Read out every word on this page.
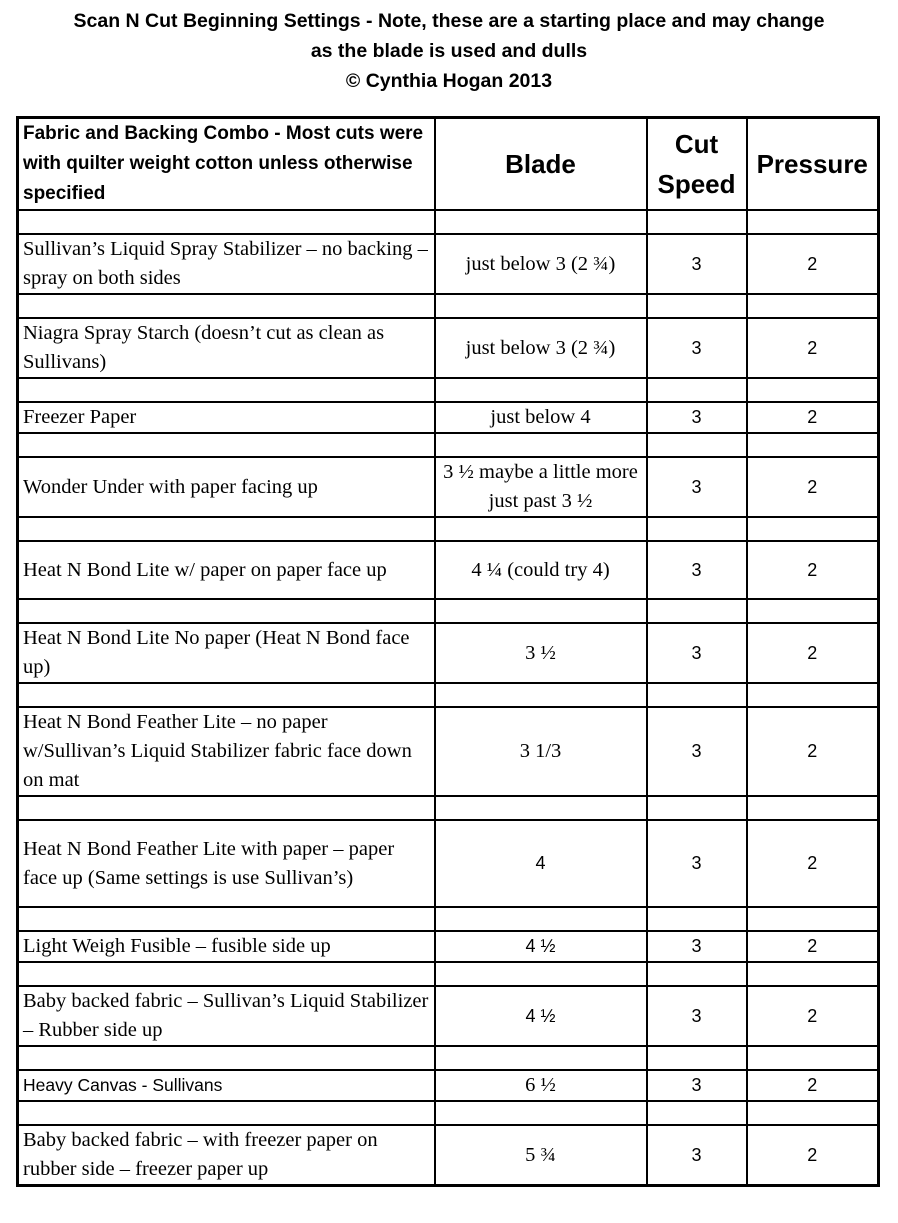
Scan N Cut Beginning Settings - Note, these are a starting place and may change
as the blade is used and dulls
© Cynthia Hogan 2013
Fabric and Backing Combo - Most cuts were with quilter weight cotton unless otherwise specified	Blade	Cut Speed	Pressure

Sullivan’s Liquid Spray Stabilizer – no backing – spray on both sides	just below 3 (2 ¾)	3	2

Niagra Spray Starch (doesn’t cut as clean as Sullivans)	just below 3 (2 ¾)	3	2

Freezer Paper	just below 4	3	2

Wonder Under with paper facing up	3 ½ maybe a little more just past 3 ½	3	2

Heat N Bond Lite w/ paper on paper face up	4 ¼ (could try 4)	3	2

Heat N Bond Lite No paper (Heat N Bond face up)	3 ½	3	2

Heat N Bond Feather Lite – no paper w/Sullivan’s Liquid Stabilizer fabric face down on mat	3 1/3	3	2

Heat N Bond Feather Lite with paper – paper face up (Same settings is use Sullivan’s)	4	3	2

Light Weigh Fusible – fusible side up	4 ½	3	2

Baby backed fabric – Sullivan’s Liquid Stabilizer – Rubber side up	4 ½	3	2

Heavy Canvas - Sullivans	6 ½	3	2

Baby backed fabric – with freezer paper on rubber side – freezer paper up	5 ¾	3	2
